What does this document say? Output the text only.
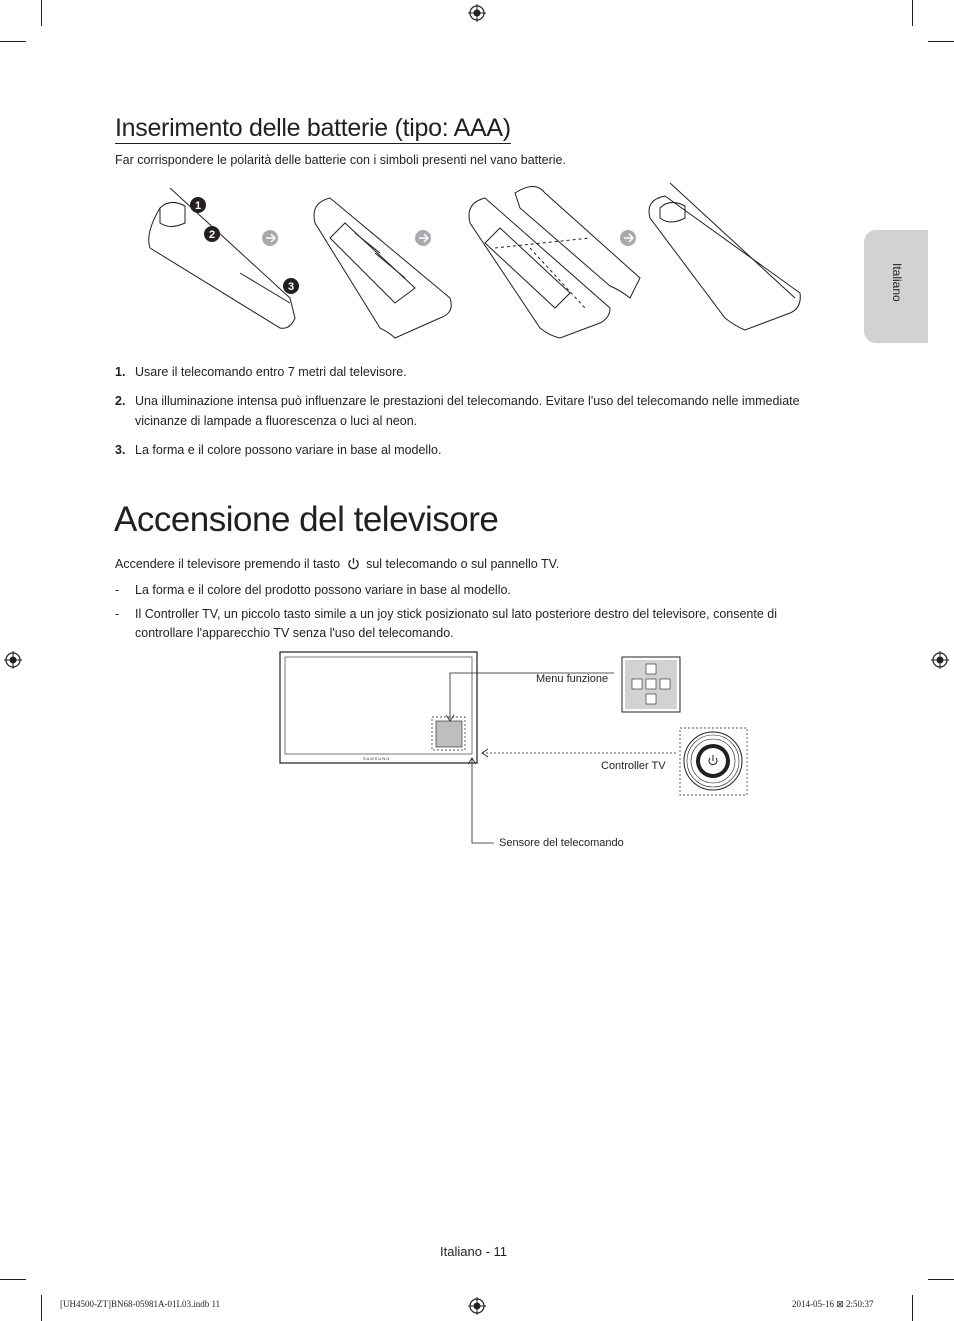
Italiano
Inserimento delle batterie (tipo: AAA)
Far corrispondere le polarità delle batterie con i simboli presenti nel vano batterie.
1
2
3
1. Usare il telecomando entro 7 metri dal televisore.
2. Una illuminazione intensa può influenzare le prestazioni del telecomando. Evitare l'uso del telecomando nelle immediate vicinanze di lampade a fluorescenza o luci al neon.
3. La forma e il colore possono variare in base al modello.
Accensione del televisore
Accendere il televisore premendo il tasto sul telecomando o sul pannello TV.
-	La forma e il colore del prodotto possono variare in base al modello.
-	Il Controller TV, un piccolo tasto simile a un joy stick posizionato sul lato posteriore destro del televisore, consente di controllare l'apparecchio TV senza l'uso del telecomando.
SAMSUNG
Menu funzione
Controller TV
Sensore del telecomando
Italiano - 11
[UH4500-ZT]BN68-05981A-01L03.indb 11	2014-05-16 ⊠ 2:50:37
